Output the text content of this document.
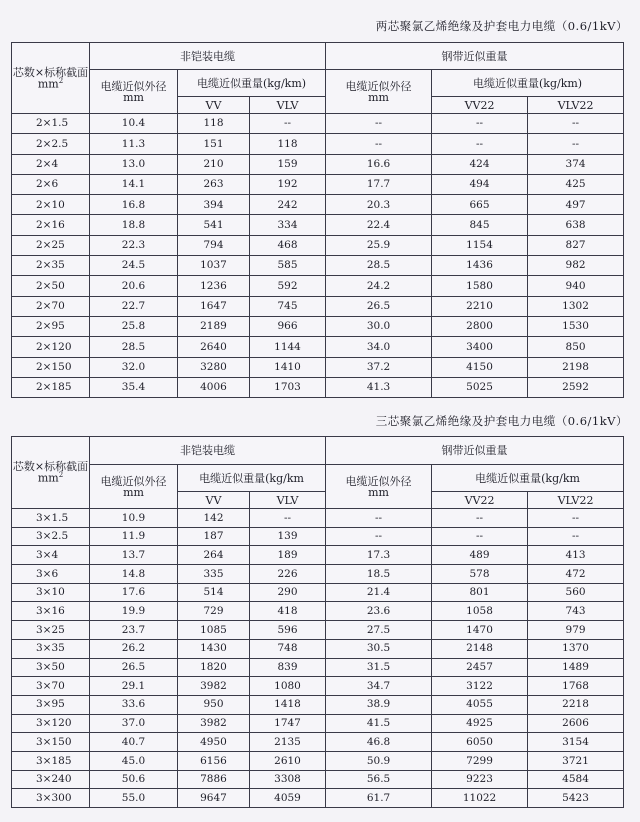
两芯聚氯乙烯绝缘及护套电力电缆（0.6/1kV）
芯数×标称截面
$mm^2$	非铠装电缆			钢带近似重量		

	电缆近似外径
mm	电缆近似重量(kg/km)		电缆近似外径
mm	电缆近似重量(kg/km)	
		VV	VLV		VV22	VLV22
2×1.5	10.4	118	--	--	--	--
2×2.5	11.3	151	118	--	--	--
2×4	13.0	210	159	16.6	424	374
2×6	14.1	263	192	17.7	494	425
2×10	16.8	394	242	20.3	665	497
2×16	18.8	541	334	22.4	845	638
2×25	22.3	794	468	25.9	1154	827
2×35	24.5	1037	585	28.5	1436	982
2×50	20.6	1236	592	24.2	1580	940
2×70	22.7	1647	745	26.5	2210	1302
2×95	25.8	2189	966	30.0	2800	1530
2×120	28.5	2640	1144	34.0	3400	850
2×150	32.0	3280	1410	37.2	4150	2198
2×185	35.4	4006	1703	41.3	5025	2592
三芯聚氯乙烯绝缘及护套电力电缆（0.6/1kV）
芯数×标称截面
$mm^2$	非铠装电缆			钢带近似重量		

	电缆近似外径
mm	电缆近似重量(kg/km		电缆近似外径
mm	电缆近似重量(kg/km	
		VV	VLV		VV22	VLV22
3×1.5	10.9	142	--	--	--	--
3×2.5	11.9	187	139	--	--	--
3×4	13.7	264	189	17.3	489	413
3×6	14.8	335	226	18.5	578	472
3×10	17.6	514	290	21.4	801	560
3×16	19.9	729	418	23.6	1058	743
3×25	23.7	1085	596	27.5	1470	979
3×35	26.2	1430	748	30.5	2148	1370
3×50	26.5	1820	839	31.5	2457	1489
3×70	29.1	3982	1080	34.7	3122	1768
3×95	33.6	950	1418	38.9	4055	2218
3×120	37.0	3982	1747	41.5	4925	2606
3×150	40.7	4950	2135	46.8	6050	3154
3×185	45.0	6156	2610	50.9	7299	3721
3×240	50.6	7886	3308	56.5	9223	4584
3×300	55.0	9647	4059	61.7	11022	5423
